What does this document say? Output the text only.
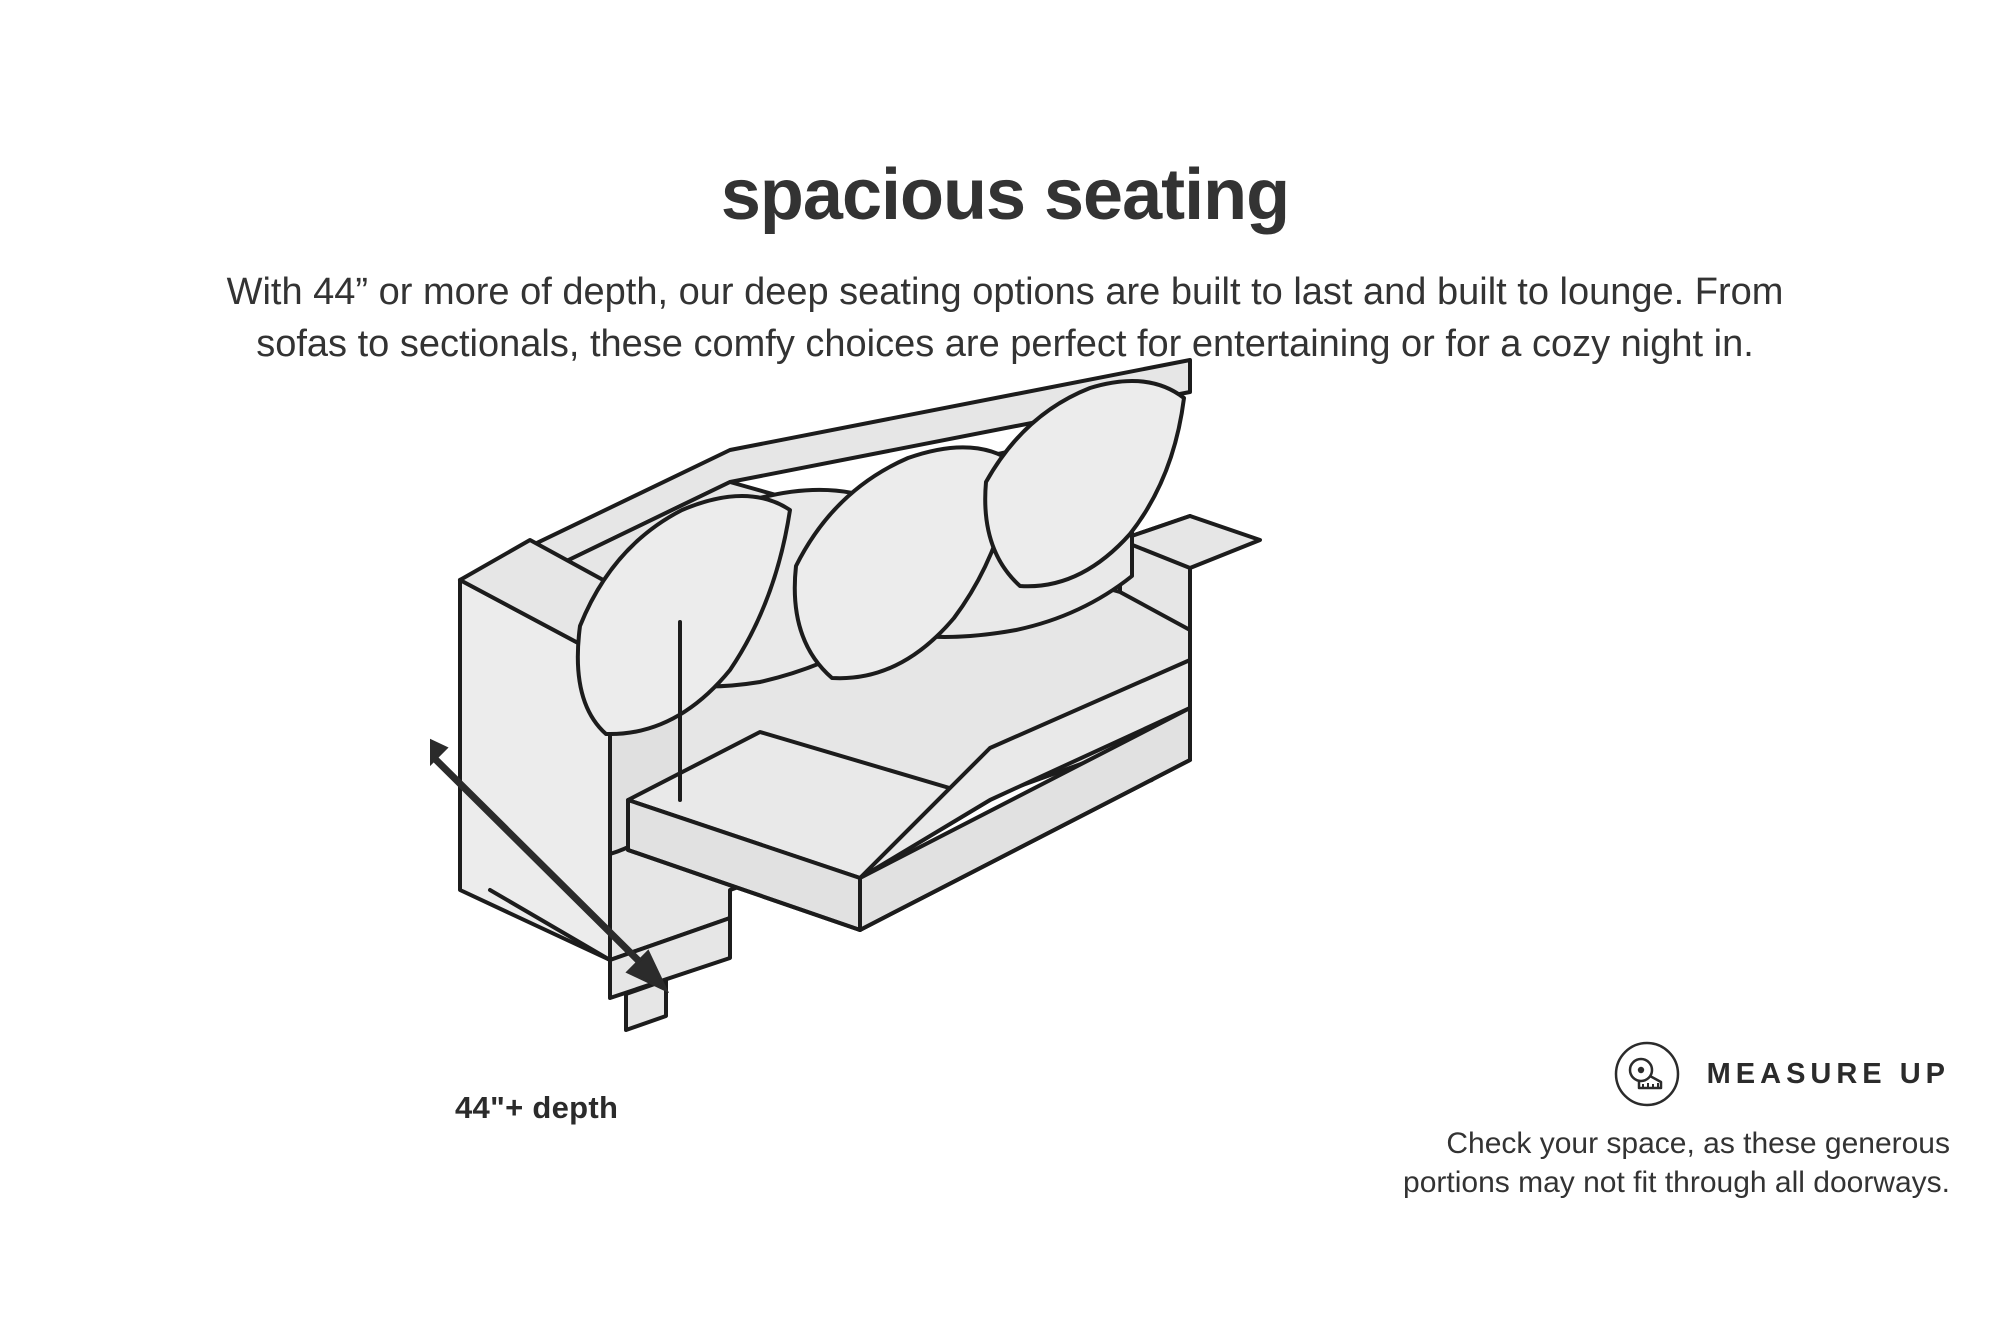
spacious seating

With 44” or more of depth, our deep seating options are built to last and built to lounge. From sofas to sectionals, these comfy choices are perfect for entertaining or for a cozy night in.

44"+ depth
MEASURE UP
Check your space, as these generous portions may not fit through all doorways.
